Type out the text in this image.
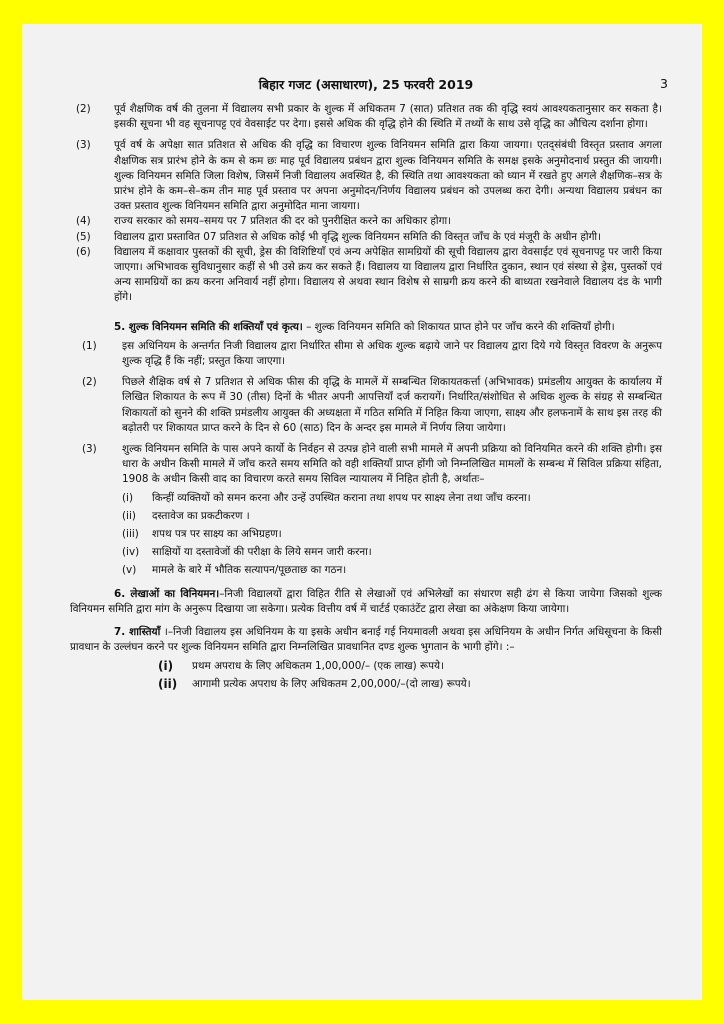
बिहार गजट (असाधारण), 25 फरवरी 2019	3
(2)	पूर्व शैक्षणिक वर्ष की तुलना में विद्यालय सभी प्रकार के शुल्क में अधिकतम 7 (सात) प्रतिशत तक की वृद्धि स्वयं आवश्यकतानुसार कर सकता है। इसकी सूचना भी वह सूचनापट्ट एवं वेवसाईट पर देगा। इससे अधिक की वृद्धि होने की स्थिति में तथ्यों के साथ उसे वृद्धि का औचित्य दर्शाना होगा।
(3)	पूर्व वर्ष के अपेक्षा सात प्रतिशत से अधिक की वृद्धि का विचारण शुल्क विनियमन समिति द्वारा किया जायगा। एतद्संबंधी विस्तृत प्रस्ताव अगला शैक्षणिक सत्र प्रारंभ होने के कम से कम छः माह पूर्व विद्यालय प्रबंधन द्वारा शुल्क विनियमन समिति के समक्ष इसके अनुमोदनार्थ प्रस्तुत की जायगी। शुल्क विनियमन समिति जिला विशेष, जिसमें निजी विद्यालय अवस्थित है, की स्थिति तथा आवश्यकता को ध्यान में रखते हुए अगले शैक्षणिक–सत्र के प्रारंभ होने के कम–से–कम तीन माह पूर्व प्रस्ताव पर अपना अनुमोदन/निर्णय विद्यालय प्रबंधन को उपलब्ध करा देगी। अन्यथा विद्यालय प्रबंधन का उक्त प्रस्ताव शुल्क विनियमन समिति द्वारा अनुमोदित माना जायगा।
(4)	राज्य सरकार को समय–समय पर 7 प्रतिशत की दर को पुनरीक्षित करने का अधिकार होगा।
(5)	विद्यालय द्वारा प्रस्तावित 07 प्रतिशत से अधिक कोई भी वृद्धि शुल्क विनियमन समिति की विस्तृत जाँच के एवं मंजूरी के अधीन होगी।
(6)	विद्यालय में कक्षावार पुस्तकों की सूची, ड्रेस की विशिष्टियाँ एवं अन्य अपेक्षित सामग्रियों की सूची विद्यालय द्वारा वेवसाईट एवं सूचनापट्ट पर जारी किया जाएगा। अभिभावक सुविधानुसार कहीं से भी उसे क्रय कर सकते हैं। विद्यालय या विद्यालय द्वारा निर्धारित दुकान, स्थान एवं संस्था से ड्रेस, पुस्तकों एवं अन्य सामग्रियों का क्रय करना अनिवार्य नहीं होगा। विद्यालय से अथवा स्थान विशेष से साम्रगी क्रय करने की बाध्यता रखनेवाले विद्यालय दंड के भागी होंगे।
5. शुल्क विनियमन समिति की शक्तियाँ एवं कृत्य। – शुल्क विनियमन समिति को शिकायत प्राप्त होने पर जाँच करने की शक्तियाँ होगी।
(1)	इस अधिनियम के अन्तर्गत निजी विद्यालय द्वारा निर्धारित सीमा से अधिक शुल्क बढ़ाये जाने पर विद्यालय द्वारा दिये गये विस्तृत विवरण के अनुरूप शुल्क वृद्धि हैं कि नहीं; प्रस्तुत किया जाएगा।
(2)	पिछले शैक्षिक वर्ष से 7 प्रतिशत से अधिक फीस की वृद्धि के मामलें में सम्बन्धित शिकायतकर्त्ता (अभिभावक) प्रमंडलीय आयुक्त के कार्यालय में लिखित शिकायत के रूप में 30 (तीस) दिनों के भीतर अपनी आपत्तियाँ दर्ज करायगें। निर्धारित/संशोधित से अधिक शुल्क के संग्रह से सम्बन्धित शिकायतों को सुनने की शक्ति प्रमंडलीय आयुक्त की अध्यक्षता में गठित समिति में निहित किया जाएगा, साक्ष्य और हलफनामें के साथ इस तरह की बढ़ोतरी पर शिकायत प्राप्त करने के दिन से 60 (साठ) दिन के अन्दर इस मामले में निर्णय लिया जायेगा।
(3)	शुल्क विनियमन समिति के पास अपने कार्यो के निर्वहन से उत्पन्न होने वाली सभी मामले में अपनी प्रक्रिया को विनियमित करने की शक्ति होगी। इस धारा के अधीन किसी मामले में जाँच करते समय समिति को वही शक्तियाँ प्राप्त होंगी जो निम्नलिखित मामलों के सम्बन्ध में सिविल प्रक्रिया संहिता, 1908 के अधीन किसी वाद का विचारण करते समय सिविल न्यायालय में निहित होती है, अर्थातः–
(i)	किन्हीं व्यक्तियों को समन करना और उन्हें उपस्थित कराना तथा शपथ पर साक्ष्य लेना तथा जाँच करना।
(ii)	दस्तावेज का प्रकटीकरण ।
(iii)	शपथ पत्र पर साक्ष्य का अभिग्रहण।
(iv)	साक्षियों या दस्तावेजों की परीक्षा के लिये समन जारी करना।
(v)	मामले के बारे में भौतिक सत्यापन/पूछताछ का गठन।
6. लेखाओं का विनियमन।–निजी विद्यालयों द्वारा विहित रीति से लेखाओं एवं अभिलेखों का संधारण सही ढंग से किया जायेगा जिसको शुल्क विनियमन समिति द्वारा मांग के अनुरूप दिखाया जा सकेगा। प्रत्येक वित्तीय वर्ष में चार्टर्ड एकाउंटेंट द्वारा लेखा का अंकेक्षण किया जायेगा।
7. शास्तियाँ ।–निजी विद्यालय इस अधिनियम के या इसके अधीन बनाई गई नियमावली अथवा इस अधिनियम के अधीन निर्गत अधिसूचना के किसी प्रावधान के उल्लंघन करने पर शुल्क विनियमन समिति द्वारा निम्नलिखित प्रावधानित दण्ड शुल्क भुगतान के भागी होंगे। :–
(i)	प्रथम अपराध के लिए अधिकतम 1,00,000/– (एक लाख) रूपये।
(ii)	आगामी प्रत्येक अपराध के लिए अधिकतम 2,00,000/–(दो लाख) रूपये।
